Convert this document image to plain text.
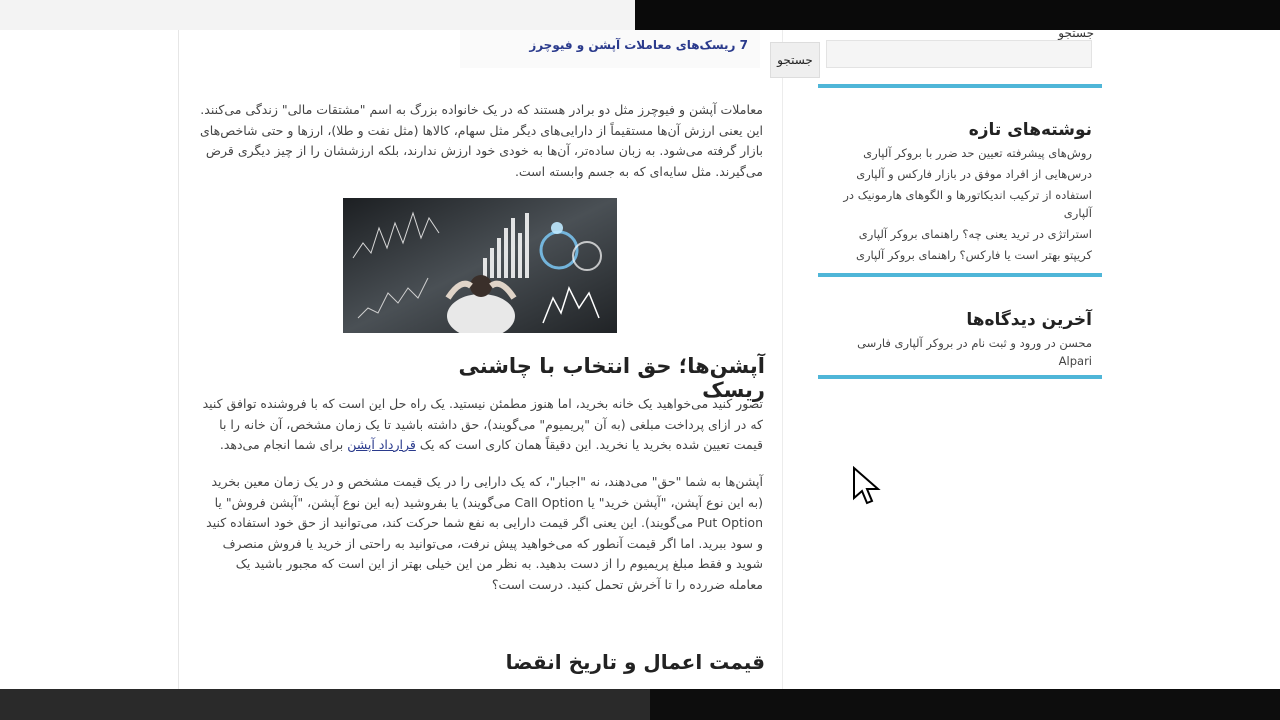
7 ریسک‌های معاملات آپشن و فیوچرز
جستجو

معاملات آپشن و فیوچرز مثل دو برادر هستند که در یک خانواده بزرگ به اسم "مشتقات مالی" زندگی می‌کنند. این یعنی ارزش آن‌ها مستقیماً از دارایی‌های دیگر مثل سهام، کالاها (مثل نفت و طلا)، ارزها و حتی شاخص‌های بازار گرفته می‌شود. به زبان ساده‌تر، آن‌ها به خودی خود ارزش ندارند، بلکه ارزششان را از چیز دیگری قرض می‌گیرند. مثل سایه‌ای که به جسم وابسته است.

آپشن‌ها؛ حق انتخاب با چاشنی ریسک

تصور کنید می‌خواهید یک خانه بخرید، اما هنوز مطمئن نیستید. یک راه حل این است که با فروشنده توافق کنید که در ازای پرداخت مبلغی (به آن "پریمیوم" می‌گویند)، حق داشته باشید تا یک زمان مشخص، آن خانه را با قیمت تعیین شده بخرید یا نخرید. این دقیقاً همان کاری است که یک قرارداد آپشن برای شما انجام می‌دهد.

آپشن‌ها به شما "حق" می‌دهند، نه "اجبار"، که یک دارایی را در یک قیمت مشخص و در یک زمان معین بخرید (به این نوع آپشن، "آپشن خرید" یا Call Option می‌گویند) یا بفروشید (به این نوع آپشن، "آپشن فروش" یا Put Option می‌گویند). این یعنی اگر قیمت دارایی به نفع شما حرکت کند، می‌توانید از حق خود استفاده کنید و سود ببرید. اما اگر قیمت آنطور که می‌خواهید پیش نرفت، می‌توانید به راحتی از خرید یا فروش منصرف شوید و فقط مبلغ پریمیوم را از دست بدهید. به نظر من این خیلی بهتر از این است که مجبور باشید یک معامله ضررده را تا آخرش تحمل کنید. درست است؟

قیمت اعمال و تاریخ انقضا
جستجو
نوشته‌های تازه
روش‌های پیشرفته تعیین حد ضرر با بروکر آلپاری
درس‌هایی از افراد موفق در بازار فارکس و آلپاری
استفاده از ترکیب اندیکاتورها و الگوهای هارمونیک در آلپاری
استراتژی در ترید یعنی چه؟ راهنمای بروکر آلپاری
کریپتو بهتر است یا فارکس؟ راهنمای بروکر آلپاری
آخرین دیدگاه‌ها
محسن در ورود و ثبت نام در بروکر آلپاری فارسی Alpari
